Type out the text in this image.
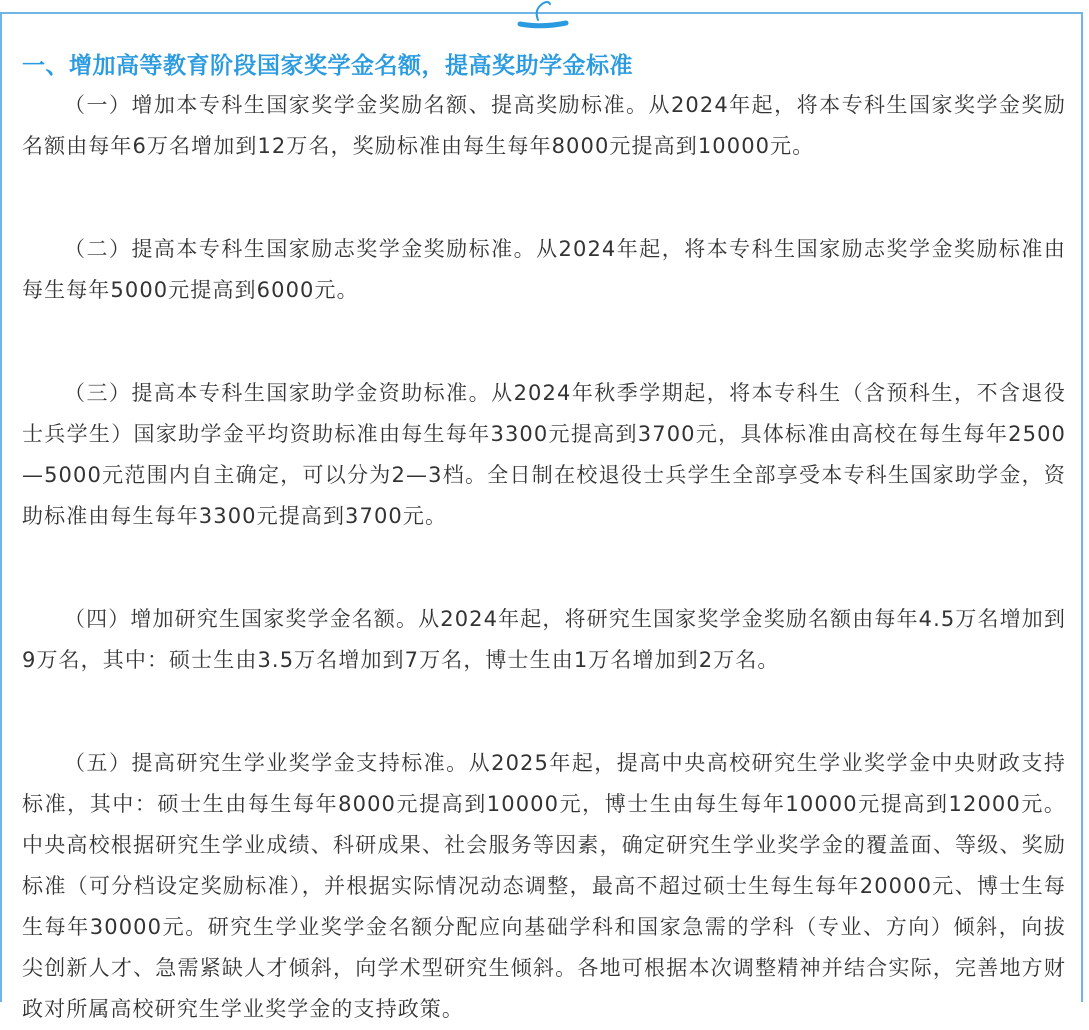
一、增加高等教育阶段国家奖学金名额，提高奖助学金标准

（一）增加本专科生国家奖学金奖励名额、提高奖励标准。从2024年起，将本专科生国家奖学金奖励名额由每年6万名增加到12万名，奖励标准由每生每年8000元提高到10000元。

（二）提高本专科生国家励志奖学金奖励标准。从2024年起，将本专科生国家励志奖学金奖励标准由每生每年5000元提高到6000元。

（三）提高本专科生国家助学金资助标准。从2024年秋季学期起，将本专科生（含预科生，不含退役士兵学生）国家助学金平均资助标准由每生每年3300元提高到3700元，具体标准由高校在每生每年2500—5000元范围内自主确定，可以分为2—3档。全日制在校退役士兵学生全部享受本专科生国家助学金，资助标准由每生每年3300元提高到3700元。

（四）增加研究生国家奖学金名额。从2024年起，将研究生国家奖学金奖励名额由每年4.5万名增加到9万名，其中：硕士生由3.5万名增加到7万名，博士生由1万名增加到2万名。

（五）提高研究生学业奖学金支持标准。从2025年起，提高中央高校研究生学业奖学金中央财政支持标准，其中：硕士生由每生每年8000元提高到10000元，博士生由每生每年10000元提高到12000元。中央高校根据研究生学业成绩、科研成果、社会服务等因素，确定研究生学业奖学金的覆盖面、等级、奖励标准（可分档设定奖励标准），并根据实际情况动态调整，最高不超过硕士生每生每年20000元、博士生每生每年30000元。研究生学业奖学金名额分配应向基础学科和国家急需的学科（专业、方向）倾斜，向拔尖创新人才、急需紧缺人才倾斜，向学术型研究生倾斜。各地可根据本次调整精神并结合实际，完善地方财政对所属高校研究生学业奖学金的支持政策。
